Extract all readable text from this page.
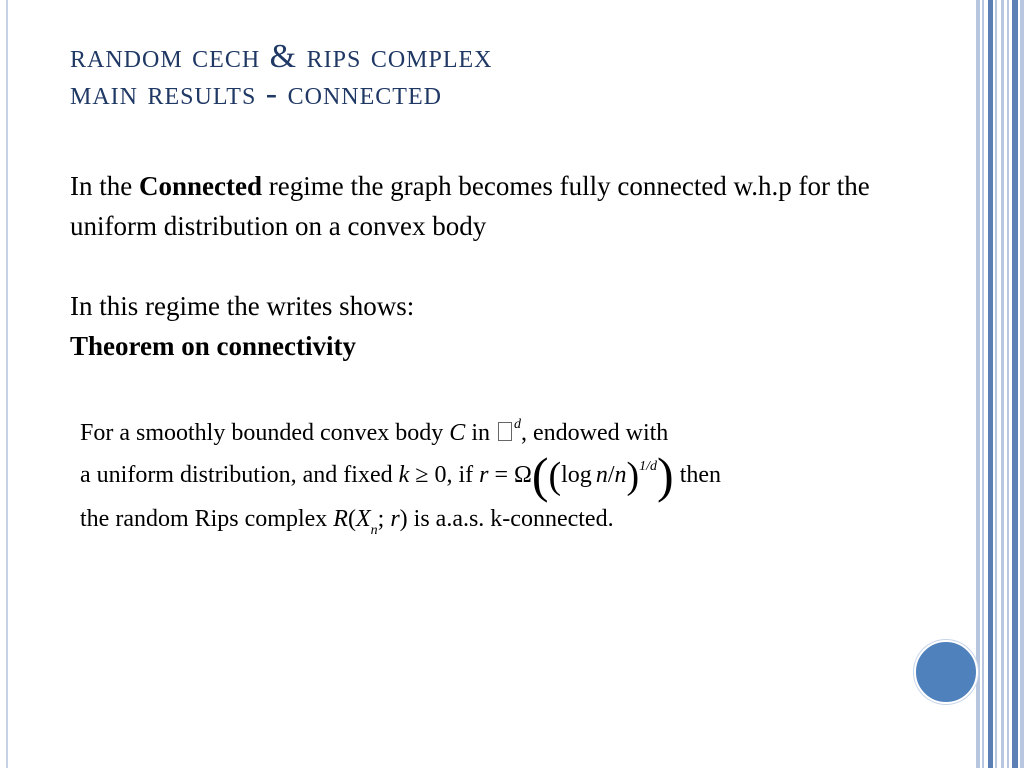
random cech & rips complex
main results - connected

In the Connected regime the graph becomes fully connected w.h.p for the uniform distribution on a convex body

In this regime the writes shows:

Theorem on connectivity

For a smoothly bounded convex body C in $^d$, endowed with
a uniform distribution, and fixed k ≥ 0, if r = Ω((log n/n)$^{1/d}$) then
the random Rips complex $R(X_n$; r) is a.a.s. k-connected.
